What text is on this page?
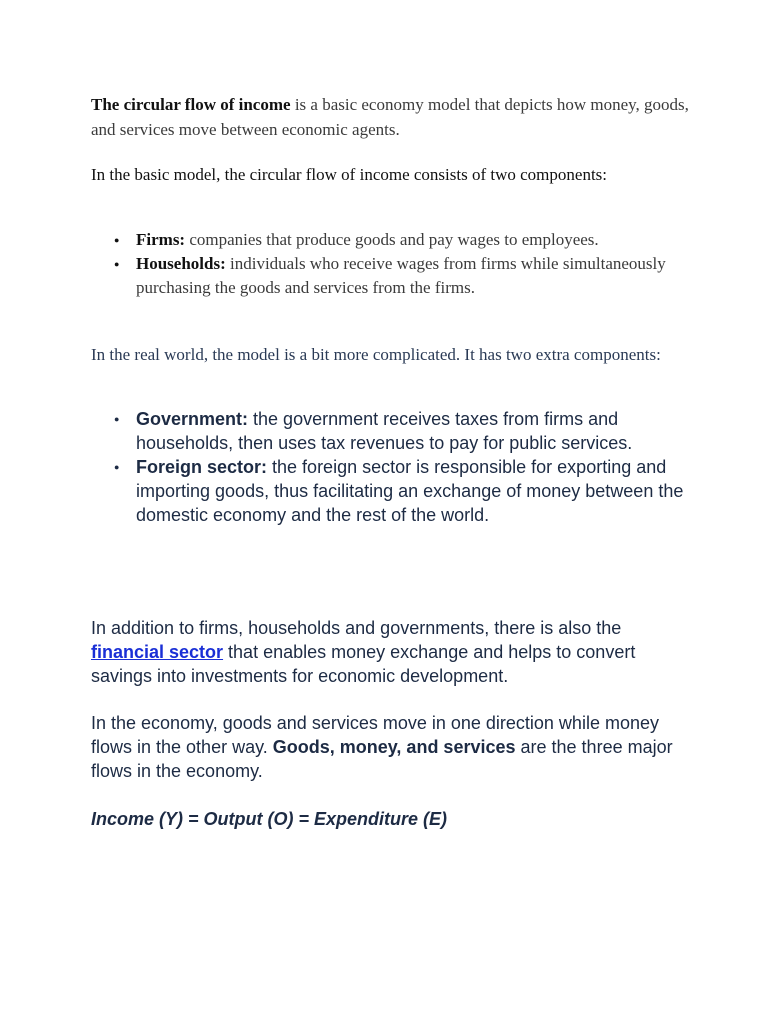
The circular flow of income is a basic economy model that depicts how money, goods, and services move between economic agents.

In the basic model, the circular flow of income consists of two components:

● Firms: companies that produce goods and pay wages to employees.
● Households: individuals who receive wages from firms while simultaneously purchasing the goods and services from the firms.

In the real world, the model is a bit more complicated. It has two extra components:

● Government: the government receives taxes from firms and households, then uses tax revenues to pay for public services.
● Foreign sector: the foreign sector is responsible for exporting and importing goods, thus facilitating an exchange of money between the domestic economy and the rest of the world.

In addition to firms, households and governments, there is also the financial sector that enables money exchange and helps to convert savings into investments for economic development.

In the economy, goods and services move in one direction while money flows in the other way. Goods, money, and services are the three major flows in the economy.

Income (Y) = Output (O) = Expenditure (E)
